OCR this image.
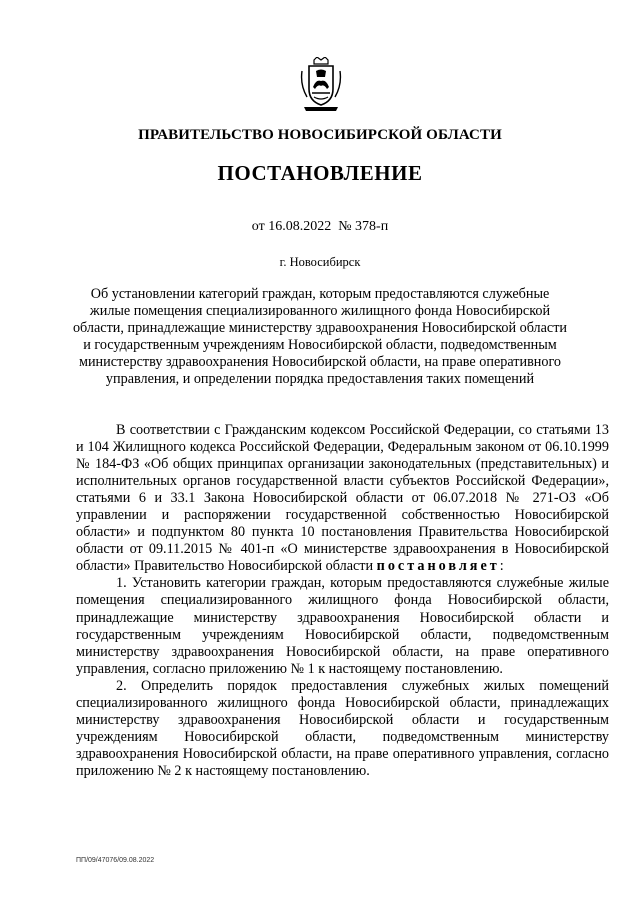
ПРАВИТЕЛЬСТВО НОВОСИБИРСКОЙ ОБЛАСТИ
ПОСТАНОВЛЕНИЕ
от 16.08.2022 № 378-п
г. Новосибирск
Об установлении категорий граждан, которым предоставляются служебные жилые помещения специализированного жилищного фонда Новосибирской области, принадлежащие министерству здравоохранения Новосибирской области и государственным учреждениям Новосибирской области, подведомственным министерству здравоохранения Новосибирской области, на праве оперативного управления, и определении порядка предоставления таких помещений

В соответствии с Гражданским кодексом Российской Федерации, со статьями 13 и 104 Жилищного кодекса Российской Федерации, Федеральным законом от 06.10.1999 № 184-ФЗ «Об общих принципах организации законодательных (представительных) и исполнительных органов государственной власти субъектов Российской Федерации», статьями 6 и 33.1 Закона Новосибирской области от 06.07.2018 № 271-ОЗ «Об управлении и распоряжении государственной собственностью Новосибирской области» и подпунктом 80 пункта 10 постановления Правительства Новосибирской области от 09.11.2015 № 401-п «О министерстве здравоохранения в Новосибирской области» Правительство Новосибирской области постановляет:

1. Установить категории граждан, которым предоставляются служебные жилые помещения специализированного жилищного фонда Новосибирской области, принадлежащие министерству здравоохранения Новосибирской области и государственным учреждениям Новосибирской области, подведомственным министерству здравоохранения Новосибирской области, на праве оперативного управления, согласно приложению № 1 к настоящему постановлению.

2. Определить порядок предоставления служебных жилых помещений специализированного жилищного фонда Новосибирской области, принадлежащих министерству здравоохранения Новосибирской области и государственным учреждениям Новосибирской области, подведомственным министерству здравоохранения Новосибирской области, на праве оперативного управления, согласно приложению № 2 к настоящему постановлению.

ПП/09/47076/09.08.2022
